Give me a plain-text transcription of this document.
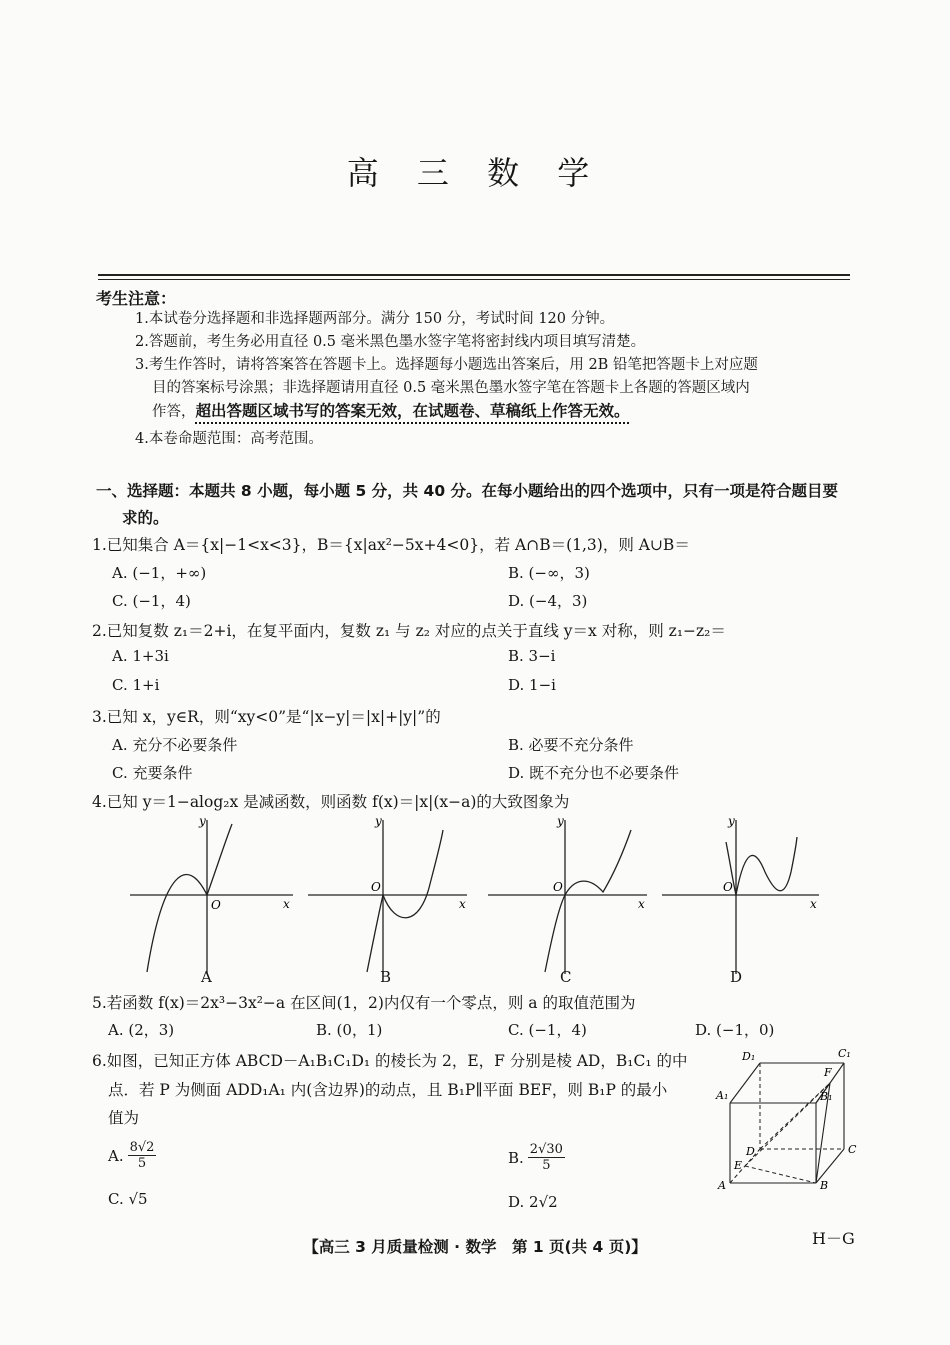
高 三 数 学
考生注意：
1.本试卷分选择题和非选择题两部分。满分 150 分，考试时间 120 分钟。
2.答题前，考生务必用直径 0.5 毫米黑色墨水签字笔将密封线内项目填写清楚。
3.考生作答时，请将答案答在答题卡上。选择题每小题选出答案后，用 2B 铅笔把答题卡上对应题
目的答案标号涂黑；非选择题请用直径 0.5 毫米黑色墨水签字笔在答题卡上各题的答题区域内
作答，超出答题区域书写的答案无效，在试题卷、草稿纸上作答无效。
4.本卷命题范围：高考范围。
一、选择题：本题共 8 小题，每小题 5 分，共 40 分。在每小题给出的四个选项中，只有一项是符合题目要
求的。
1.已知集合 A＝{x|−1<x<3}，B＝{x|ax²−5x+4<0}，若 A∩B＝(1,3)，则 A∪B＝
A. (−1，+∞)	B. (−∞，3)
C. (−1，4)	D. (−4，3)
2.已知复数 z₁＝2+i，在复平面内，复数 z₁ 与 z₂ 对应的点关于直线 y＝x 对称，则 z₁−z₂＝
A. 1+3i	B. 3−i
C. 1+i	D. 1−i
3.已知 x，y∈R，则“xy<0”是“|x−y|＝|x|+|y|”的
A. 充分不必要条件	B. 必要不充分条件
C. 充要条件	D. 既不充分也不必要条件
4.已知 y＝1−alog₂x 是减函数，则函数 f(x)＝|x|(x−a)的大致图象为
y
x
O
y
x
O
y
x
O
y
x
O
A	B	C	D
5.若函数 f(x)＝2x³−3x²−a 在区间(1，2)内仅有一个零点，则 a 的取值范围为
A. (2，3)	B. (0，1)	C. (−1，4)	D. (−1，0)
6.如图，已知正方体 ABCD－A₁B₁C₁D₁ 的棱长为 2，E，F 分别是棱 AD，B₁C₁ 的中
点．若 P 为侧面 ADD₁A₁ 内(含边界)的动点，且 B₁P∥平面 BEF，则 B₁P 的最小
值为
A. $\frac{8√2}{5}$	B. $\frac{2√30}{5}$
C. √5	D. 2√2
D₁	C₁
A₁	B₁
F
D	C
E
A	B
【高三 3 月质量检测 · 数学　第 1 页(共 4 页)】	H－G
